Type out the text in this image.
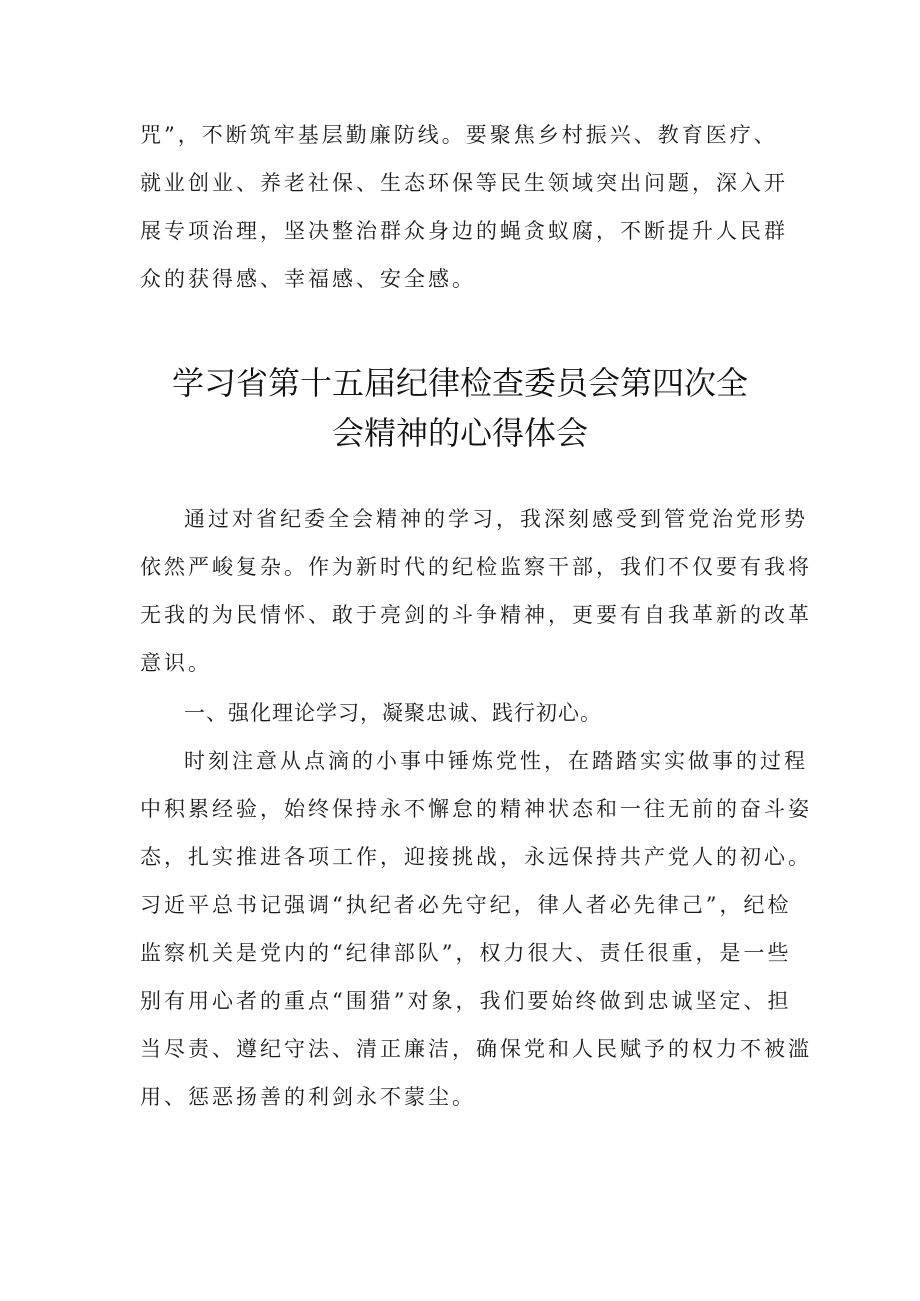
咒”，不断筑牢基层勤廉防线。要聚焦乡村振兴、教育医疗、
就业创业、养老社保、生态环保等民生领域突出问题，深入开
展专项治理，坚决整治群众身边的蝇贪蚁腐，不断提升人民群
众的获得感、幸福感、安全感。
学习省第十五届纪律检查委员会第四次全
会精神的心得体会
通过对省纪委全会精神的学习，我深刻感受到管党治党形势
依然严峻复杂。作为新时代的纪检监察干部，我们不仅要有我将
无我的为民情怀、敢于亮剑的斗争精神，更要有自我革新的改革
意识。
一、强化理论学习，凝聚忠诚、践行初心。
时刻注意从点滴的小事中锤炼党性，在踏踏实实做事的过程
中积累经验，始终保持永不懈怠的精神状态和一往无前的奋斗姿
态，扎实推进各项工作，迎接挑战，永远保持共产党人的初心。
习近平总书记强调“执纪者必先守纪，律人者必先律己”，纪检
监察机关是党内的“纪律部队”，权力很大、责任很重，是一些
别有用心者的重点“围猎”对象，我们要始终做到忠诚坚定、担
当尽责、遵纪守法、清正廉洁，确保党和人民赋予的权力不被滥
用、惩恶扬善的利剑永不蒙尘。
